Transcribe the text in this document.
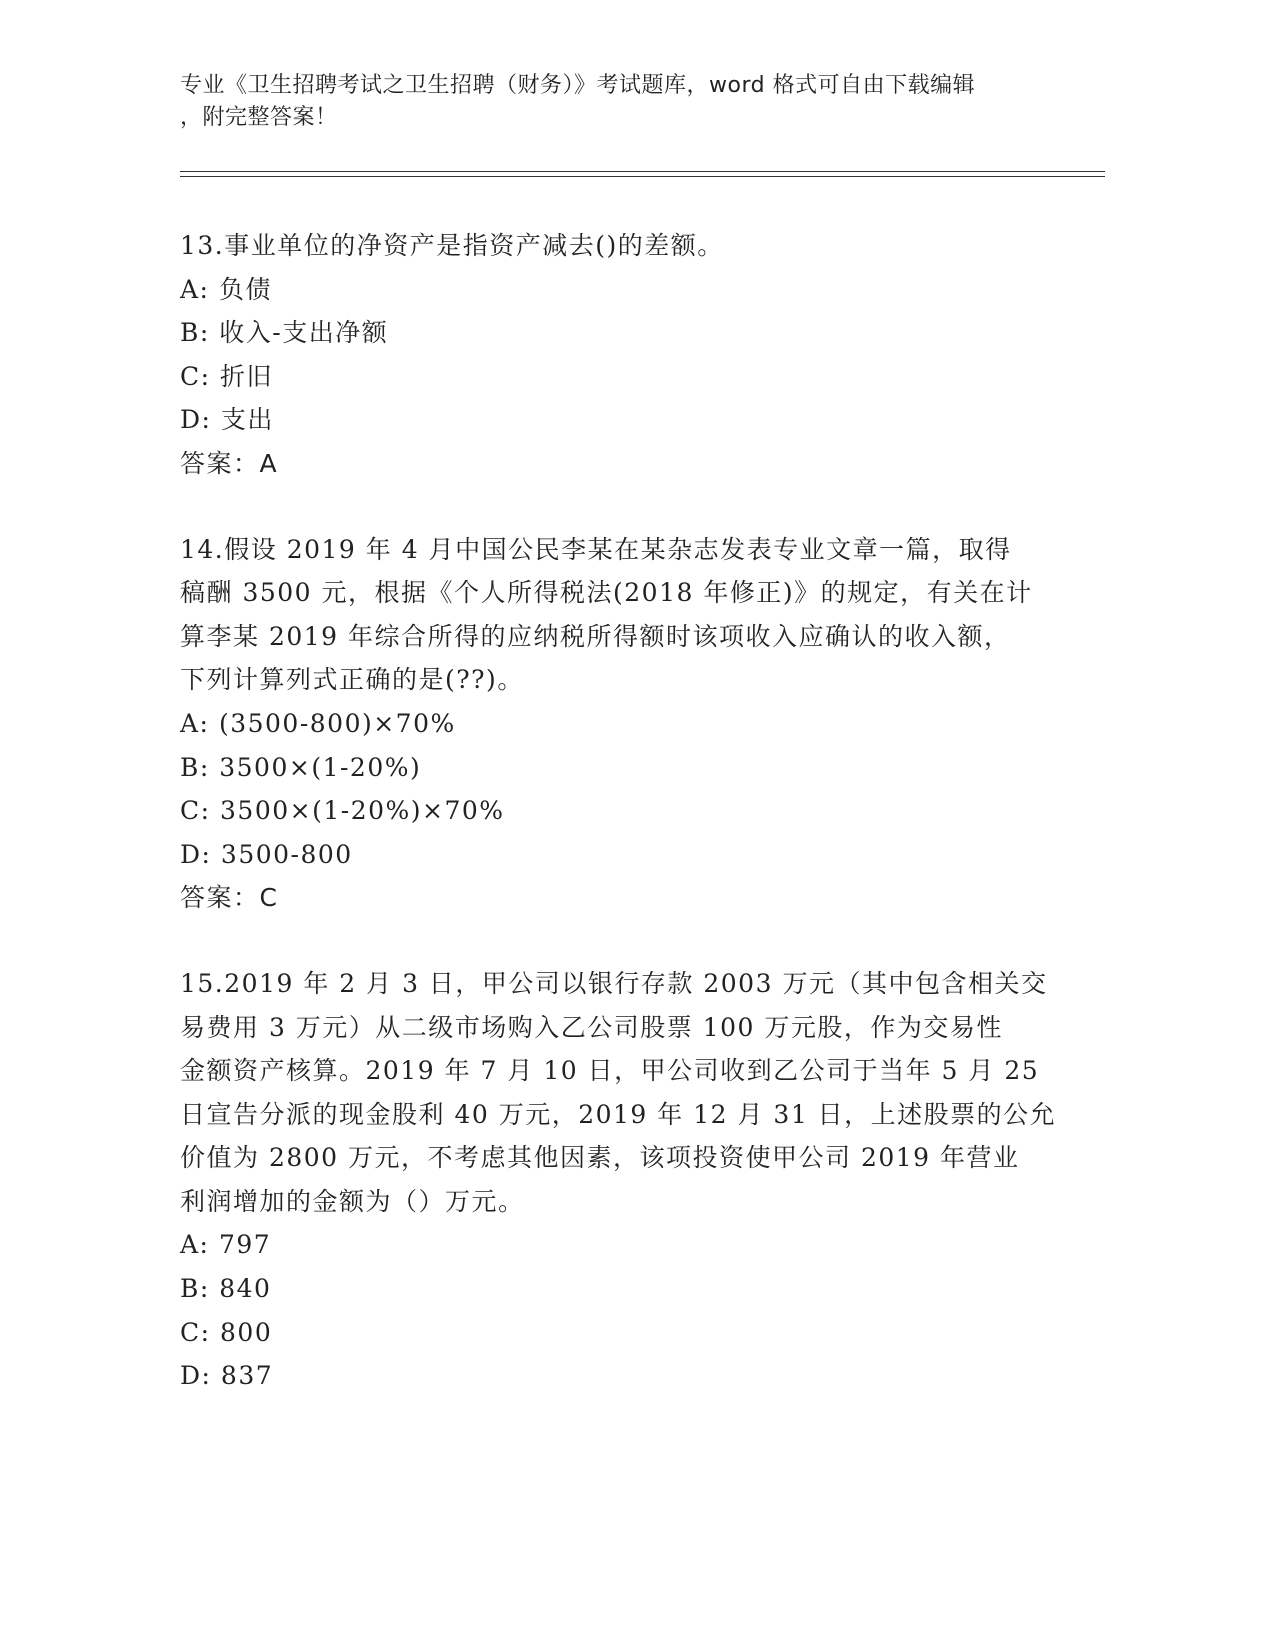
专业《卫生招聘考试之卫生招聘（财务）》考试题库，word 格式可自由下载编辑
，附完整答案！
13.事业单位的净资产是指资产减去()的差额。
A: 负债
B: 收入-支出净额
C: 折旧
D: 支出
答案：A
14.假设 2019 年 4 月中国公民李某在某杂志发表专业文章一篇，取得
稿酬 3500 元，根据《个人所得税法(2018 年修正)》的规定，有关在计
算李某 2019 年综合所得的应纳税所得额时该项收入应确认的收入额，
下列计算列式正确的是(??)。
A: (3500-800)×70%
B: 3500×(1-20%)
C: 3500×(1-20%)×70%
D: 3500-800
答案：C
15.2019 年 2 月 3 日，甲公司以银行存款 2003 万元（其中包含相关交
易费用 3 万元）从二级市场购入乙公司股票 100 万元股，作为交易性
金额资产核算。2019 年 7 月 10 日，甲公司收到乙公司于当年 5 月 25
日宣告分派的现金股利 40 万元，2019 年 12 月 31 日，上述股票的公允
价值为 2800 万元，不考虑其他因素，该项投资使甲公司 2019 年营业
利润增加的金额为（）万元。
A: 797
B: 840
C: 800
D: 837
